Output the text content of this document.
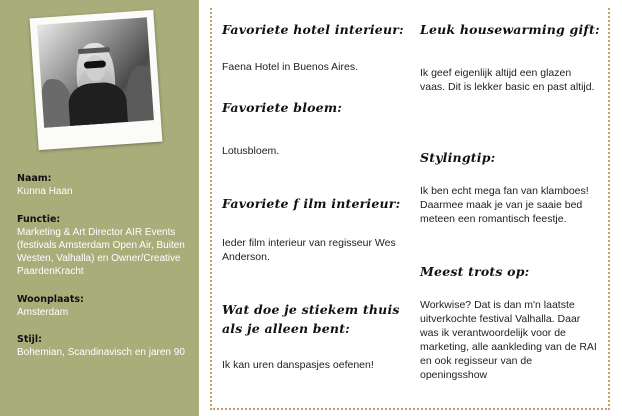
Naam:
Kunna Haan
Functie:
Marketing & Art Director AIR Events (festivals Amsterdam Open Air, Buiten Westen, Valhalla) en Owner/Creative PaardenKracht
Woonplaats:
Amsterdam
Stijl:
Bohemian, Scandinavisch en jaren 90
Favoriete hotel interieur:
Faena Hotel in Buenos Aires.
Favoriete bloem:
Lotusbloem.
Favoriete f ilm interieur:
Ieder film interieur van regisseur Wes Anderson.
Wat doe je stiekem thuis als je alleen bent:
Ik kan uren danspasjes oefenen!
Leuk housewarming gift:
Ik geef eigenlijk altijd een glazen vaas. Dit is lekker basic en past altijd.
Stylingtip:
Ik ben echt mega fan van klamboes! Daarmee maak je van je saaie bed meteen een romantisch feestje.
Meest trots op:
Workwise? Dat is dan m'n laatste uitverkochte festival Valhalla. Daar was ik verantwoordelijk voor de marketing, alle aankleding van de RAI en ook regisseur van de openingsshow
